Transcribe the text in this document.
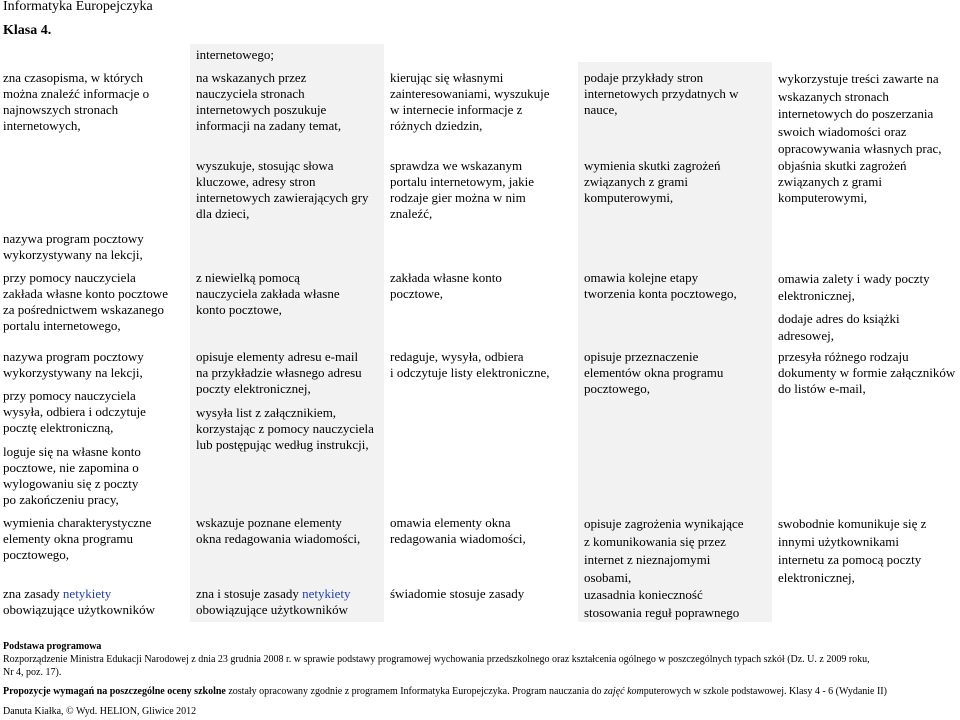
Informatyka Europejczyka
Klasa 4.
zna czasopisma, w których
można znaleźć informacje o
najnowszych stronach
internetowych,
nazywa program pocztowy
wykorzystywany na lekcji,
przy pomocy nauczyciela
zakłada własne konto pocztowe
za pośrednictwem wskazanego
portalu internetowego,
nazywa program pocztowy
wykorzystywany na lekcji,
przy pomocy nauczyciela
wysyła, odbiera i odczytuje
pocztę elektroniczną,
loguje się na własne konto
pocztowe, nie zapomina o
wylogowaniu się z poczty
po zakończeniu pracy,
wymienia charakterystyczne
elementy okna programu
pocztowego,
zna zasady netykiety
obowiązujące użytkowników
internetowego;
na wskazanych przez
nauczyciela stronach
internetowych poszukuje
informacji na zadany temat,
wyszukuje, stosując słowa
kluczowe, adresy stron
internetowych zawierających gry
dla dzieci,
z niewielką pomocą
nauczyciela zakłada własne
konto pocztowe,
opisuje elementy adresu e-mail
na przykładzie własnego adresu
poczty elektronicznej,
wysyła list z załącznikiem,
korzystając z pomocy nauczyciela
lub postępując według instrukcji,
wskazuje poznane elementy
okna redagowania wiadomości,
zna i stosuje zasady netykiety
obowiązujące użytkowników
kierując się własnymi
zainteresowaniami, wyszukuje
w internecie informacje z
różnych dziedzin,
sprawdza we wskazanym
portalu internetowym, jakie
rodzaje gier można w nim
znaleźć,
zakłada własne konto
pocztowe,
redaguje, wysyła, odbiera
i odczytuje listy elektroniczne,
omawia elementy okna
redagowania wiadomości,
świadomie stosuje zasady
podaje przykłady stron
internetowych przydatnych w
nauce,
wymienia skutki zagrożeń
związanych z grami
komputerowymi,
omawia kolejne etapy
tworzenia konta pocztowego,
opisuje przeznaczenie
elementów okna programu
pocztowego,
opisuje zagrożenia wynikające
z komunikowania się przez
internet z nieznajomymi
osobami,
uzasadnia konieczność
stosowania reguł poprawnego
wykorzystuje treści zawarte na
wskazanych stronach
internetowych do poszerzania
swoich wiadomości oraz
opracowywania własnych prac,
objaśnia skutki zagrożeń
związanych z grami
komputerowymi,
omawia zalety i wady poczty
elektronicznej,
dodaje adres do książki
adresowej,
przesyła różnego rodzaju
dokumenty w formie załączników
do listów e-mail,
swobodnie komunikuje się z
innymi użytkownikami
internetu za pomocą poczty
elektronicznej,
Podstawa programowa
Rozporządzenie Ministra Edukacji Narodowej z dnia 23 grudnia 2008 r. w sprawie podstawy programowej wychowania przedszkolnego oraz kształcenia ogólnego w poszczególnych typach szkół (Dz. U. z 2009 roku,
Nr 4, poz. 17).
Propozycje wymagań na poszczególne oceny szkolne zostały opracowany zgodnie z programem Informatyka Europejczyka. Program nauczania do zajęć komputerowych w szkole podstawowej. Klasy 4 - 6 (Wydanie II)
Danuta Kiałka, © Wyd. HELION, Gliwice 2012
